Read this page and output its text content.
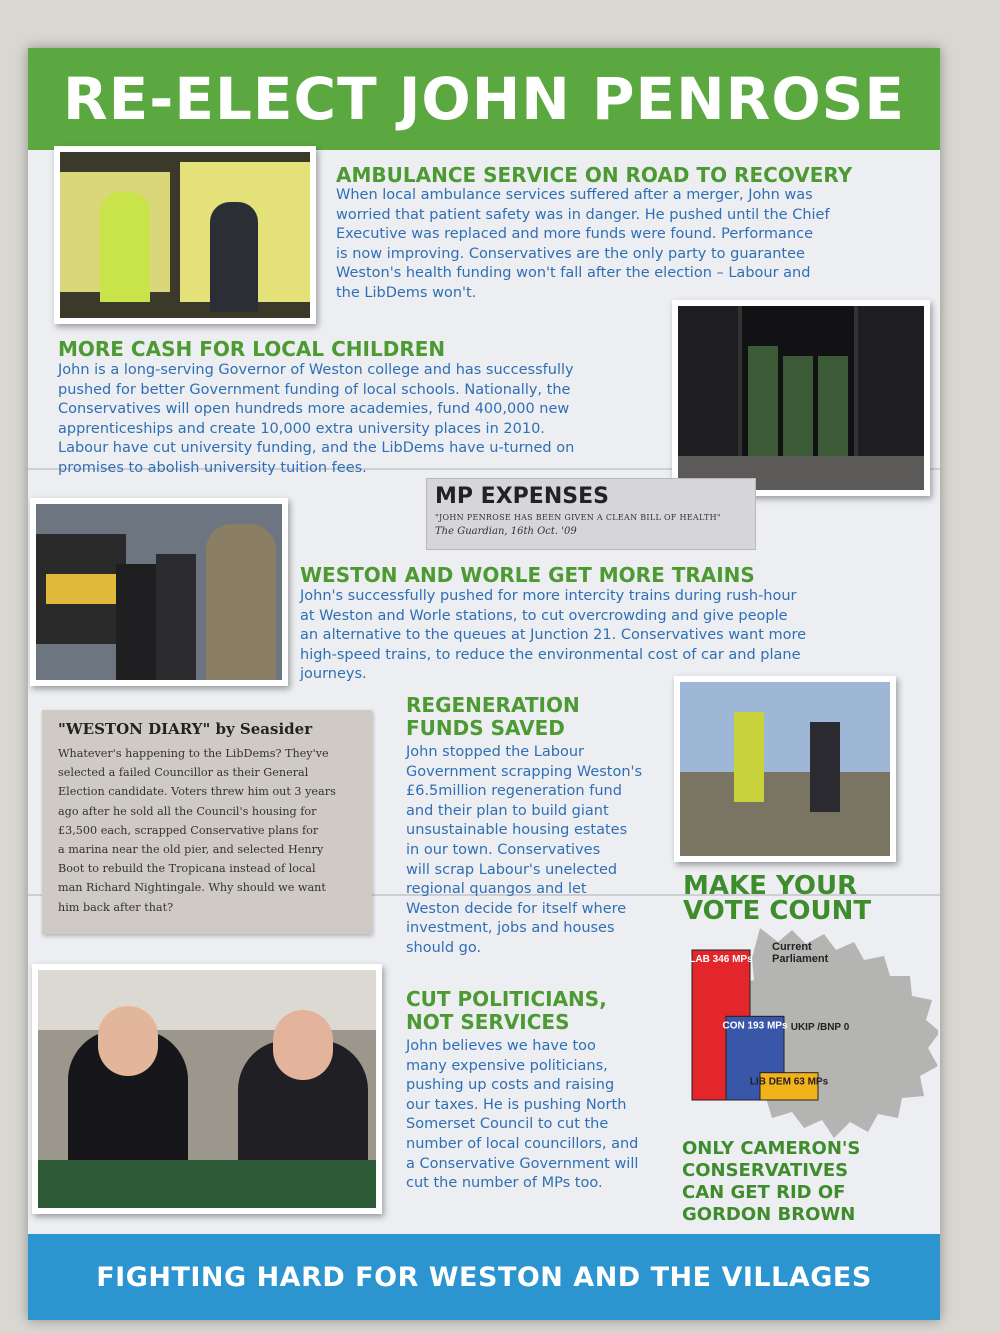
RE-ELECT JOHN PENROSE
AMBULANCE SERVICE ON ROAD TO RECOVERY
When local ambulance services suffered after a merger, John was
worried that patient safety was in danger. He pushed until the Chief
Executive was replaced and more funds were found. Performance
is now improving. Conservatives are the only party to guarantee
Weston's health funding won't fall after the election – Labour and
the LibDems won't.
MORE CASH FOR LOCAL CHILDREN
John is a long-serving Governor of Weston college and has successfully
pushed for better Government funding of local schools. Nationally, the
Conservatives will open hundreds more academies, fund 400,000 new
apprenticeships and create 10,000 extra university places in 2010.
Labour have cut university funding, and the LibDems have u-turned on
promises to abolish university tuition fees.
MP EXPENSES
"JOHN PENROSE HAS BEEN GIVEN A CLEAN BILL OF HEALTH"
The Guardian, 16th Oct. '09
WESTON AND WORLE GET MORE TRAINS
John's successfully pushed for more intercity trains during rush-hour
at Weston and Worle stations, to cut overcrowding and give people
an alternative to the queues at Junction 21. Conservatives want more
high-speed trains, to reduce the environmental cost of car and plane
journeys.
"WESTON DIARY" by Seasider
Whatever's happening to the LibDems? They've
selected a failed Councillor as their General
Election candidate. Voters threw him out 3 years
ago after he sold all the Council's housing for
£3,500 each, scrapped Conservative plans for
a marina near the old pier, and selected Henry
Boot to rebuild the Tropicana instead of local
man Richard Nightingale. Why should we want
him back after that?
REGENERATION
FUNDS SAVED
John stopped the Labour
Government scrapping Weston's
£6.5million regeneration fund
and their plan to build giant
unsustainable housing estates
in our town. Conservatives
will scrap Labour's unelected
regional quangos and let
Weston decide for itself where
investment, jobs and houses
should go.
MAKE YOUR
VOTE COUNT
Current Parliament
LAB 346 MPs
CON 193 MPs
LIB DEM 63 MPs
UKIP /BNP 0
CUT POLITICIANS,
NOT SERVICES
John believes we have too
many expensive politicians,
pushing up costs and raising
our taxes. He is pushing North
Somerset Council to cut the
number of local councillors, and
a Conservative Government will
cut the number of MPs too.
ONLY CAMERON'S
CONSERVATIVES
CAN GET RID OF
GORDON BROWN
FIGHTING HARD FOR WESTON AND THE VILLAGES
